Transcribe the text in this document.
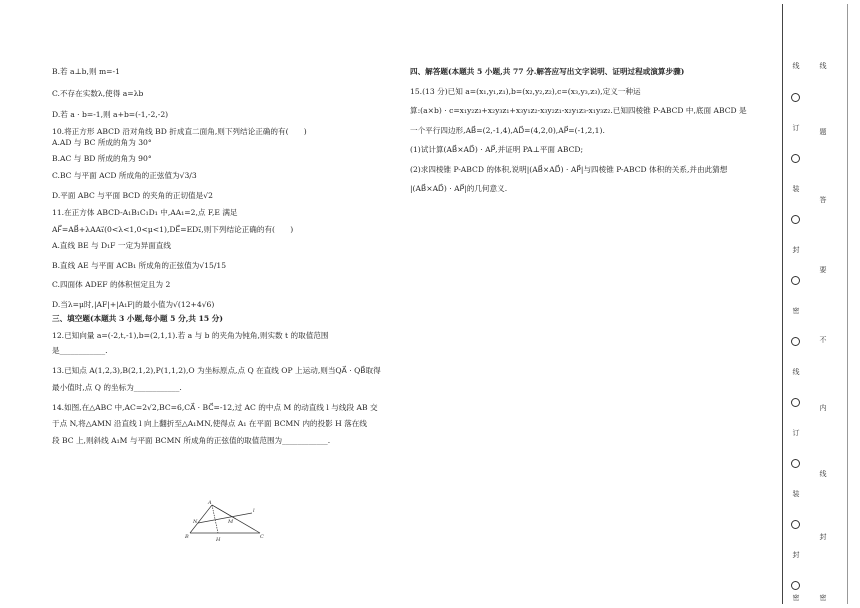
B.若 a⊥b,则 m=-1
C.不存在实数λ,使得 a=λb
D.若 a · b=-1,则 a+b=(-1,-2,-2)
10.将正方形 ABCD 沿对角线 BD 折成直二面角,则下列结论正确的有(　　)
A.AD 与 BC 所成的角为 30°
B.AC 与 BD 所成的角为 90°
C.BC 与平面 ACD 所成角的正弦值为√3/3
D.平面 ABC 与平面 BCD 的夹角的正切值是√2
11.在正方体 ABCD-A₁B₁C₁D₁ 中,AA₁=2,点 F,E 满足
AF⃗=AB⃗+λAA₁⃗(0<λ<1,0<μ<1),DE⃗=ED₁⃗,则下列结论正确的有(　　)
A.直线 BE 与 D₁F 一定为异面直线
B.直线 AE 与平面 ACB₁ 所成角的正弦值为√15/15
C.四面体 ADEF 的体积恒定且为 2
D.当λ=μ时,|AF|+|A₁F|的最小值为√(12+4√6)
三、填空题(本题共 3 小题,每小题 5 分,共 15 分)
12.已知向量 a=(-2,t,-1),b=(2,1,1).若 a 与 b 的夹角为钝角,则实数 t 的取值范围
是____________.
13.已知点 A(1,2,3),B(2,1,2),P(1,1,2),O 为坐标原点,点 Q 在直线 OP 上运动,则当QA⃗ · QB⃗取得
最小值时,点 Q 的坐标为____________.
14.如图,在△ABC 中,AC=2√2,BC=6,CA⃗ · BC⃗=-12,过 AC 的中点 M 的动直线 l 与线段 AB 交
于点 N,将△AMN 沿直线 l 向上翻折至△A₁MN,使得点 A₁ 在平面 BCMN 内的投影 H 落在线
段 BC 上,则斜线 A₁M 与平面 BCMN 所成角的正弦值的取值范围为____________.
A
N	M
l
B	H	C
四、解答题(本题共 5 小题,共 77 分.解答应写出文字说明、证明过程或演算步骤)
15.(13 分)已知 a=(x₁,y₁,z₁),b=(x₂,y₂,z₂),c=(x₃,y₃,z₃),定义一种运
算:(a×b) · c=x₁y₂z₃+x₂y₃z₁+x₃y₁z₂-x₃y₂z₁-x₂y₁z₃-x₁y₃z₂.已知四棱锥 P-ABCD 中,底面 ABCD 是
一个平行四边形,AB⃗=(2,-1,4),AD⃗=(4,2,0),AP⃗=(-1,2,1).
(1)试计算(AB⃗×AD⃗) · AP⃗,并证明 PA⊥平面 ABCD;
(2)求四棱锥 P-ABCD 的体积,说明|(AB⃗×AD⃗) · AP⃗|与四棱锥 P-ABCD 体积的关系,并由此猜想
|(AB⃗×AD⃗) · AP⃗|的几何意义.
线
订
装
封
密
线
订
装
封
密
线
题
答
要
不
内
线
封
密
